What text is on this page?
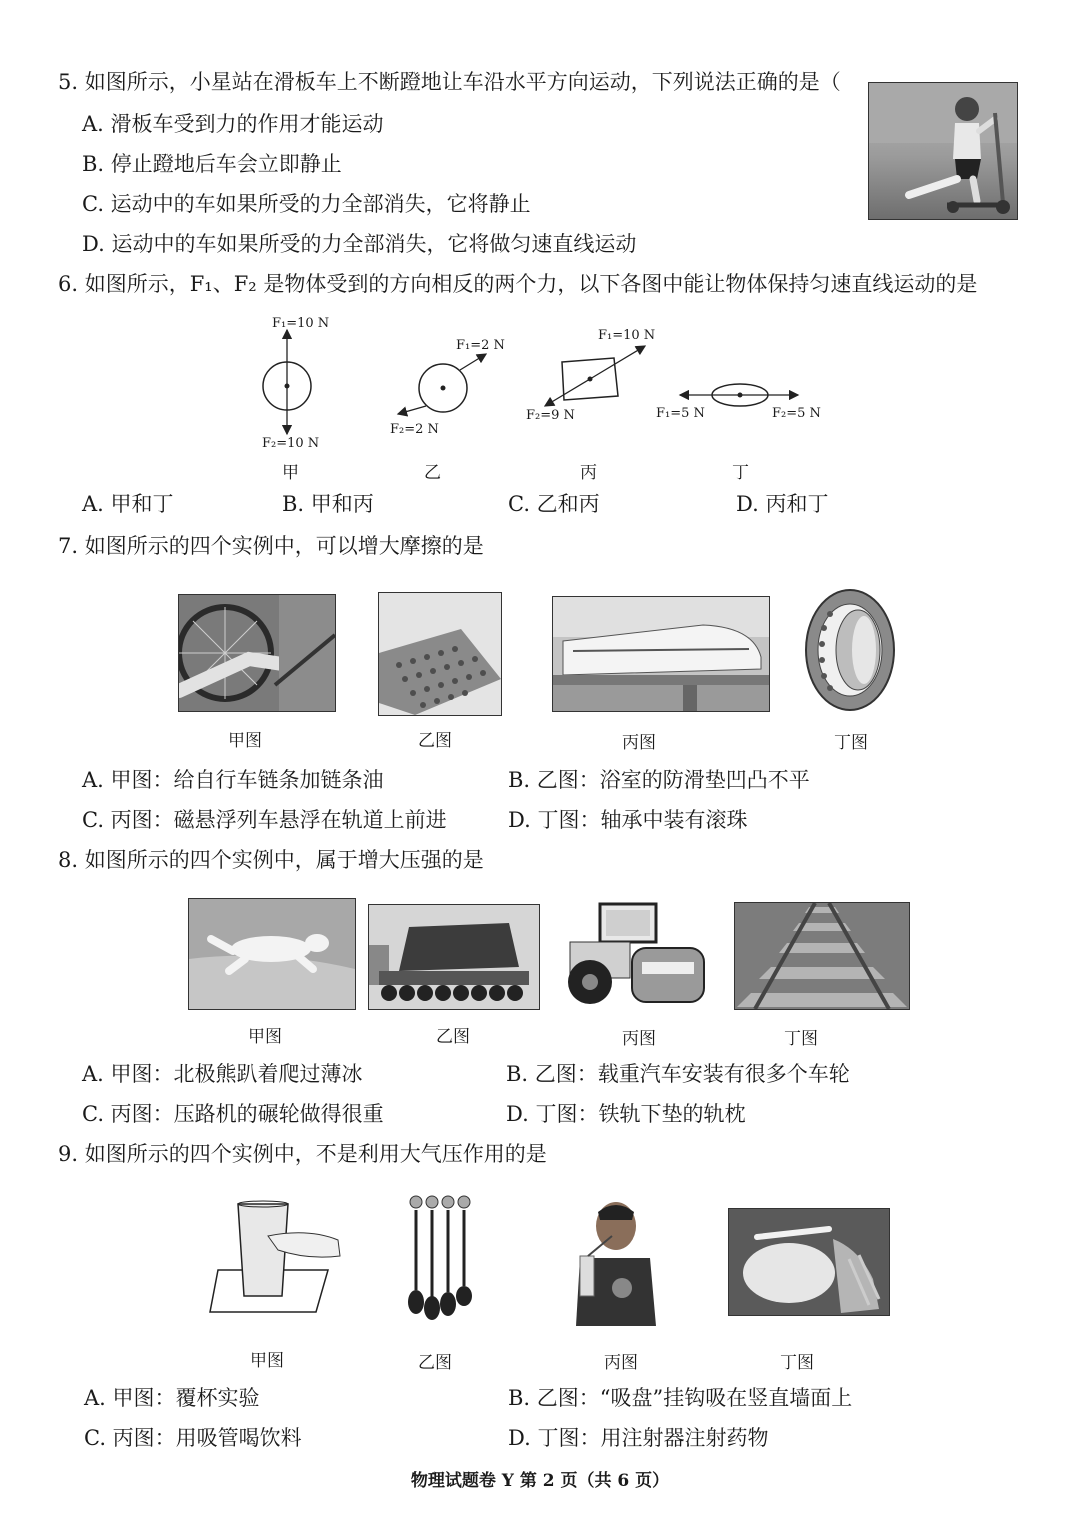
5. 如图所示，小星站在滑板车上不断蹬地让车沿水平方向运动，下列说法正确的是（
A. 滑板车受到力的作用才能运动
B. 停止蹬地后车会立即静止
C. 运动中的车如果所受的力全部消失，它将静止
D. 运动中的车如果所受的力全部消失，它将做匀速直线运动
6. 如图所示，F₁、F₂ 是物体受到的方向相反的两个力，以下各图中能让物体保持匀速直线运动的是
F₁=10 N
F₂=10 N
甲
F₁=2 N
F₂=2 N
乙
F₁=10 N
F₂=9 N
丙
F₁=5 N	F₂=5 N
丁
A. 甲和丁	B. 甲和丙	C. 乙和丙	D. 丙和丁
7. 如图所示的四个实例中，可以增大摩擦的是
甲图	乙图	丙图	丁图
A. 甲图：给自行车链条加链条油	B. 乙图：浴室的防滑垫凹凸不平
C. 丙图：磁悬浮列车悬浮在轨道上前进	D. 丁图：轴承中装有滚珠
8. 如图所示的四个实例中，属于增大压强的是
甲图	乙图	丙图	丁图
A. 甲图：北极熊趴着爬过薄冰	B. 乙图：载重汽车安装有很多个车轮
C. 丙图：压路机的碾轮做得很重	D. 丁图：铁轨下垫的轨枕
9. 如图所示的四个实例中，不是利用大气压作用的是
甲图	乙图	丙图	丁图
A. 甲图：覆杯实验	B. 乙图：“吸盘”挂钩吸在竖直墙面上
C. 丙图：用吸管喝饮料	D. 丁图：用注射器注射药物
物理试题卷 Y 第 2 页（共 6 页）
